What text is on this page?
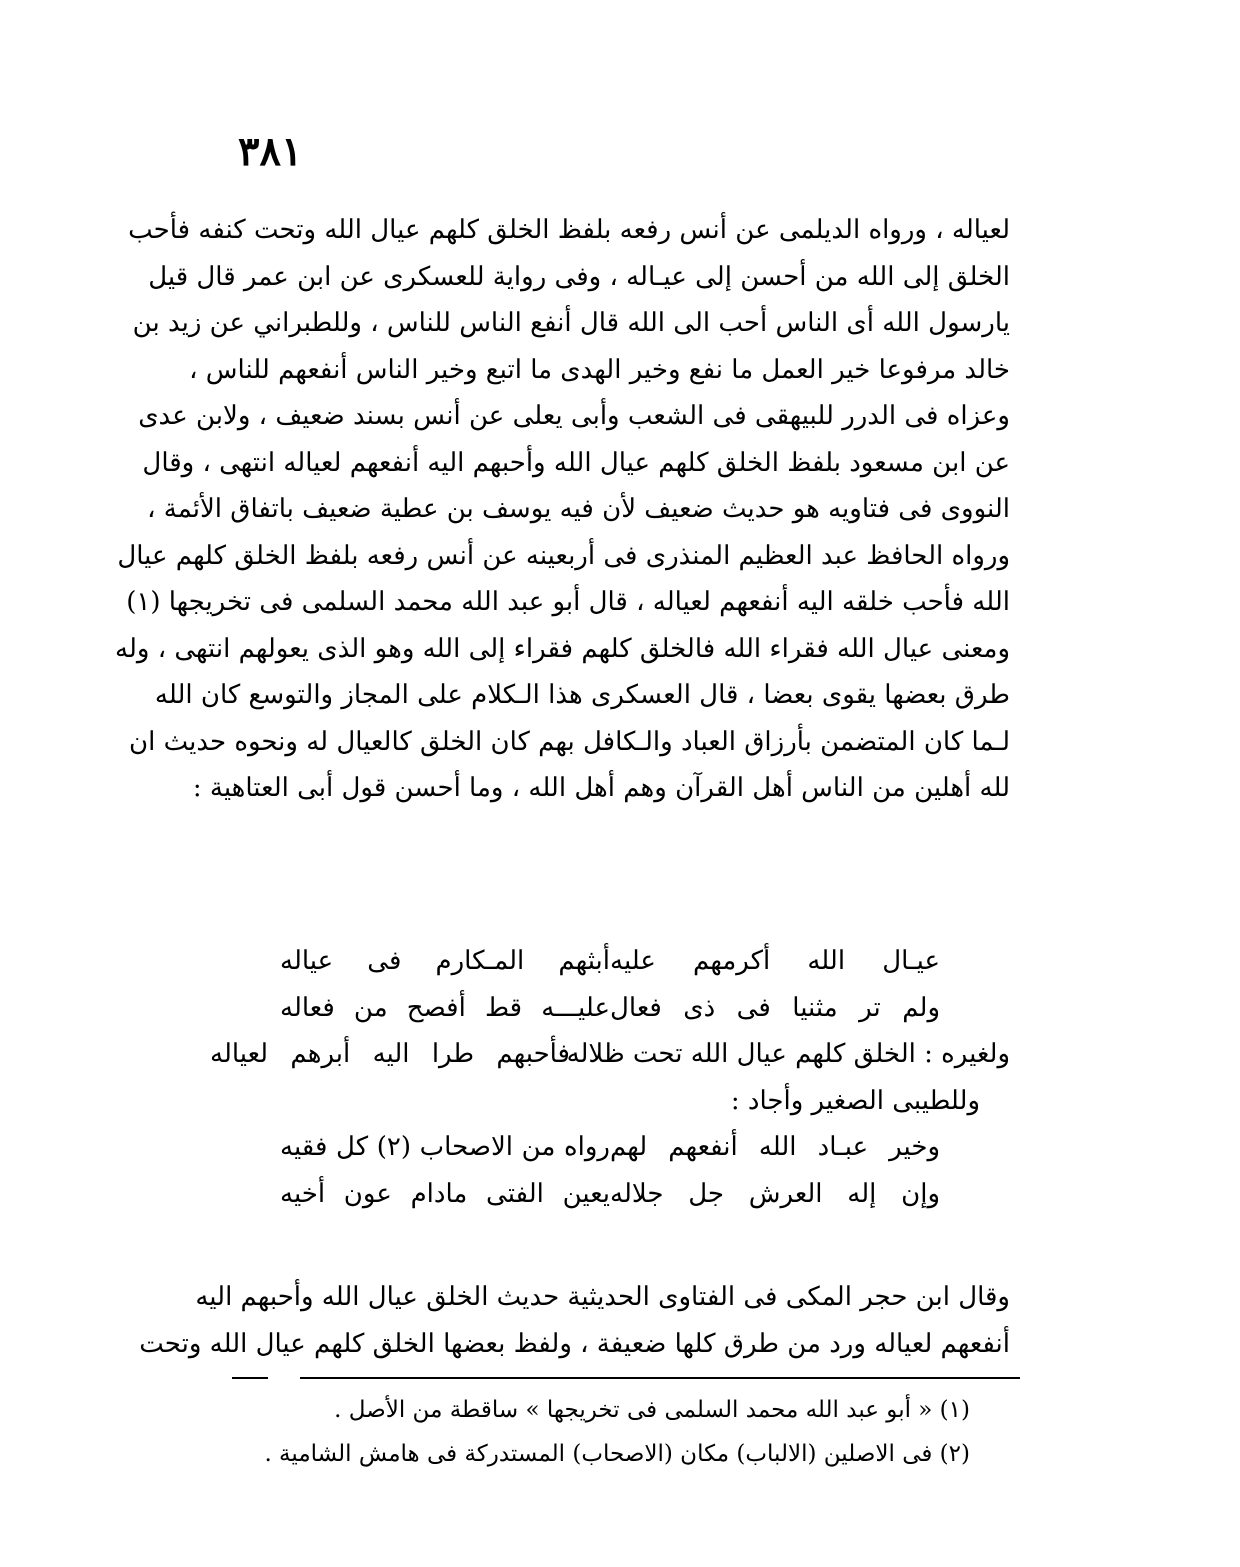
٣٨١
لعياله ، ورواه الديلمى عن أنس رفعه بلفظ الخلق كلهم عيال الله وتحت كنفه فأحب
الخلق إلى الله من أحسن إلى عيـاله ، وفى رواية للعسكرى عن ابن عمر قال قيل
يارسول الله أى الناس أحب الى الله قال أنفع الناس للناس ، وللطبراني عن زيد بن
خالد مرفوعا خير العمل ما نفع وخير الهدى ما اتبع وخير الناس أنفعهم للناس ،
وعزاه فى الدرر للبيهقى فى الشعب وأبى يعلى عن أنس بسند ضعيف ، ولابن عدى
عن ابن مسعود بلفظ الخلق كلهم عيال الله وأحبهم اليه أنفعهم لعياله انتهى ، وقال
النووى فى فتاويه هو حديث ضعيف لأن فيه يوسف بن عطية ضعيف باتفاق الأئمة ،
ورواه الحافظ عبد العظيم المنذرى فى أربعينه عن أنس رفعه بلفظ الخلق كلهم عيال
الله فأحب خلقه اليه أنفعهم لعياله ، قال أبو عبد الله محمد السلمى فى تخريجها (١)
ومعنى عيال الله فقراء الله فالخلق كلهم فقراء إلى الله وهو الذى يعولهم انتهى ، وله
طرق بعضها يقوى بعضا ، قال العسكرى هذا الـكلام على المجاز والتوسع كان الله
لـما كان المتضمن بأرزاق العباد والـكافل بهم كان الخلق كالعيال له ونحوه حديث ان
لله أهلين من الناس أهل القرآن وهم أهل الله ، وما أحسن قول أبى العتاهية :
عيـال الله أكرمهم عليه
أبثهم المـكارم فى عياله
ولم تر مثنيا فى ذى فعال
عليـــه قط أفصح من فعاله
ولغيره : الخلق كلهم عيال الله تحت ظلاله
فأحبهم طرا اليه أبرهم لعياله
وللطيبى الصغير وأجاد :
وخير عبـاد الله أنفعهم لهم
رواه من الاصحاب (٢) كل فقيه
وإن إله العرش جل جلاله
يعين الفتى مادام عون أخيه
وقال ابن حجر المكى فى الفتاوى الحديثية حديث الخلق عيال الله وأحبهم اليه
أنفعهم لعياله ورد من طرق كلها ضعيفة ، ولفظ بعضها الخلق كلهم عيال الله وتحت
(١) « أبو عبد الله محمد السلمى فى تخريجها » ساقطة من الأصل .
(٢) فى الاصلين (الالباب) مكان (الاصحاب) المستدركة فى هامش الشامية .
